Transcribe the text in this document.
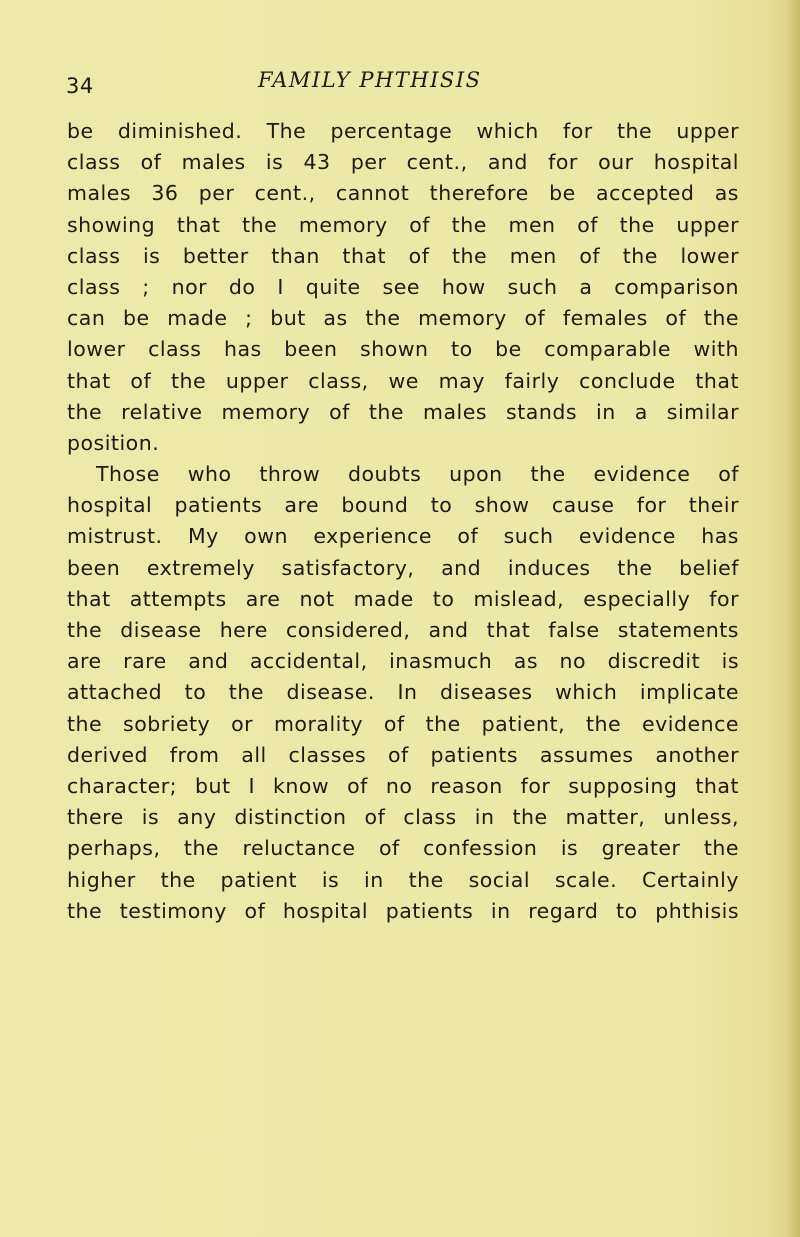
34	FAMILY PHTHISIS
be diminished. The percentage which for the upper
class of males is 43 per cent., and for our hospital
males 36 per cent., cannot therefore be accepted as
showing that the memory of the men of the upper
class is better than that of the men of the lower
class ; nor do I quite see how such a comparison
can be made ; but as the memory of females of the
lower class has been shown to be comparable with
that of the upper class, we may fairly conclude that
the relative memory of the males stands in a similar
position.
Those who throw doubts upon the evidence of
hospital patients are bound to show cause for their
mistrust. My own experience of such evidence has
been extremely satisfactory, and induces the belief
that attempts are not made to mislead, especially for
the disease here considered, and that false statements
are rare and accidental, inasmuch as no discredit is
attached to the disease. In diseases which implicate
the sobriety or morality of the patient, the evidence
derived from all classes of patients assumes another
character; but I know of no reason for supposing that
there is any distinction of class in the matter, unless,
perhaps, the reluctance of confession is greater the
higher the patient is in the social scale. Certainly
the testimony of hospital patients in regard to phthisis
